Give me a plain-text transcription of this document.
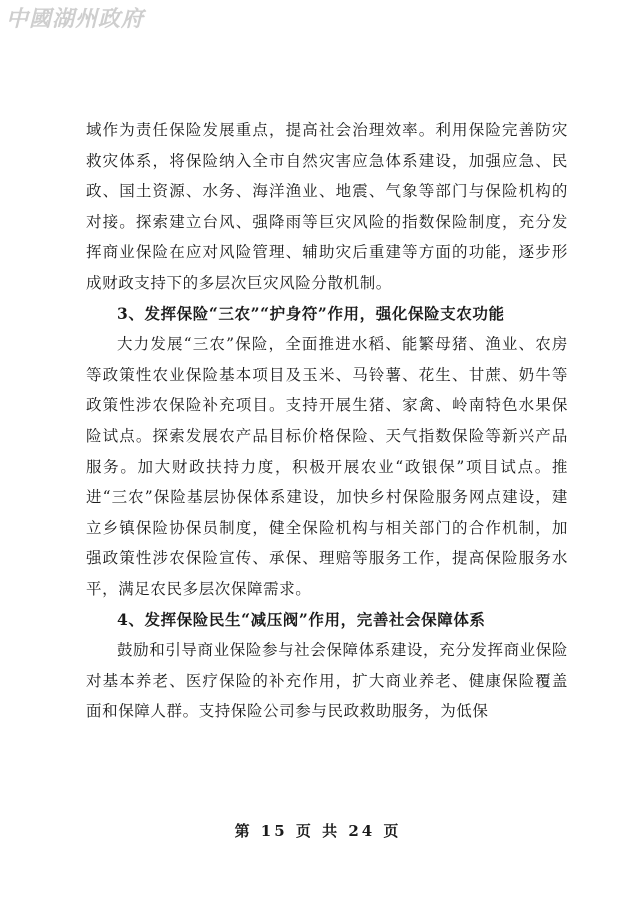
中國湖州政府

域作为责任保险发展重点，提高社会治理效率。利用保险完善防灾救灾体系，将保险纳入全市自然灾害应急体系建设，加强应急、民政、国土资源、水务、海洋渔业、地震、气象等部门与保险机构的对接。探索建立台风、强降雨等巨灾风险的指数保险制度，充分发挥商业保险在应对风险管理、辅助灾后重建等方面的功能，逐步形成财政支持下的多层次巨灾风险分散机制。

3、发挥保险“三农”“护身符”作用，强化保险支农功能

大力发展“三农”保险，全面推进水稻、能繁母猪、渔业、农房等政策性农业保险基本项目及玉米、马铃薯、花生、甘蔗、奶牛等政策性涉农保险补充项目。支持开展生猪、家禽、岭南特色水果保险试点。探索发展农产品目标价格保险、天气指数保险等新兴产品服务。加大财政扶持力度，积极开展农业“政银保”项目试点。推进“三农”保险基层协保体系建设，加快乡村保险服务网点建设，建立乡镇保险协保员制度，健全保险机构与相关部门的合作机制，加强政策性涉农保险宣传、承保、理赔等服务工作，提高保险服务水平，满足农民多层次保障需求。

4、发挥保险民生“减压阀”作用，完善社会保障体系

鼓励和引导商业保险参与社会保障体系建设，充分发挥商业保险对基本养老、医疗保险的补充作用，扩大商业养老、健康保险覆盖面和保障人群。支持保险公司参与民政救助服务，为低保

第 15 页 共 24 页
